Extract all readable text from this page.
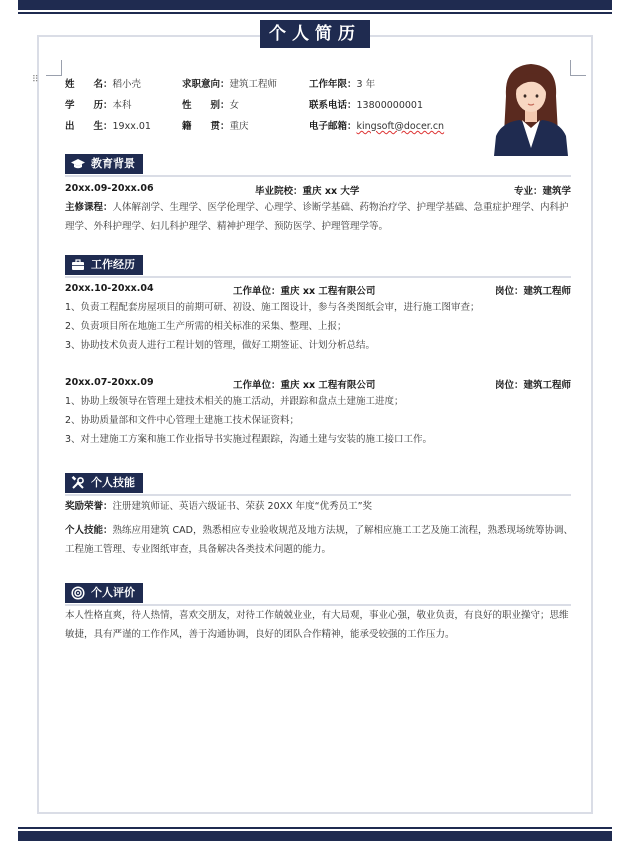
个人简历
⠿	姓　　名：稻小壳	求职意向：建筑工程师	工作年限：3 年
学　　历：本科	性　　别：女	联系电话：13800000001
出　　生：19xx.01	籍　　贯：重庆	电子邮箱：kingsoft@docer.cn
教育背景
20xx.09-20xx.06	毕业院校：重庆 xx 大学	专业：建筑学
主修课程：人体解剖学、生理学、医学伦理学、心理学、诊断学基础、药物治疗学、护理学基础、急重症护理学、内科护理学、外科护理学、妇儿科护理学、精神护理学、预防医学、护理管理学等。
工作经历
20xx.10-20xx.04	工作单位：重庆 xx 工程有限公司	岗位：建筑工程师
1、负责工程配套房屋项目的前期可研、初设、施工图设计，参与各类图纸会审，进行施工图审查；
2、负责项目所在地施工生产所需的相关标准的采集、整理、上报；
3、协助技术负责人进行工程计划的管理，做好工期签证、计划分析总结。
20xx.07-20xx.09	工作单位：重庆 xx 工程有限公司	岗位：建筑工程师
1、协助上级领导在管理土建技术相关的施工活动，并跟踪和盘点土建施工进度；
2、协助质量部和文件中心管理土建施工技术保证资料；
3、对土建施工方案和施工作业指导书实施过程跟踪，沟通土建与安装的施工接口工作。
个人技能
奖励荣誉：注册建筑师证、英语六级证书、荣获 20XX 年度“优秀员工”奖
个人技能：熟练应用建筑 CAD，熟悉相应专业验收规范及地方法规，了解相应施工工艺及施工流程，熟悉现场统筹协调、工程施工管理、专业图纸审查，具备解决各类技术问题的能力。
个人评价
本人性格直爽，待人热情，喜欢交朋友，对待工作兢兢业业，有大局观，事业心强，敬业负责，有良好的职业操守；思维敏捷，具有严谨的工作作风，善于沟通协调，良好的团队合作精神，能承受较强的工作压力。
